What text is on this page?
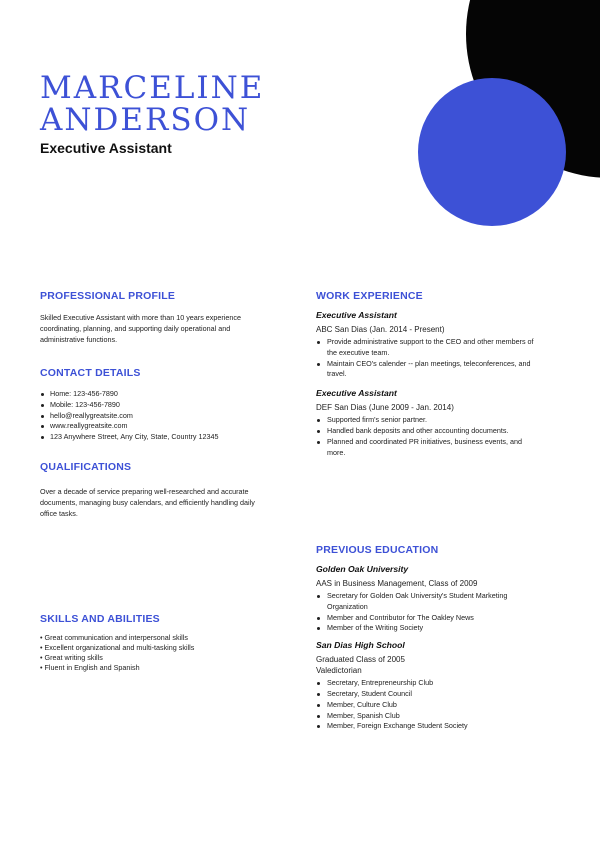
MARCELINE
ANDERSON
Executive Assistant
PROFESSIONAL PROFILE

Skilled Executive Assistant with more than 10 years experience coordinating, planning, and supporting daily operational and administrative functions.

CONTACT DETAILS
Home: 123-456-7890
Mobile: 123-456-7890
hello@reallygreatsite.com
www.reallygreatsite.com
123 Anywhere Street, Any City, State, Country 12345
QUALIFICATIONS

Over a decade of service preparing well-researched and accurate documents, managing busy calendars, and efficiently handling daily office tasks.

SKILLS AND ABILITIES
• Great communication and interpersonal skills
• Excellent organizational and multi-tasking skills
• Great writing skills
• Fluent in English and Spanish
WORK EXPERIENCE
Executive Assistant
ABC San Dias (Jan. 2014 - Present)
Provide administrative support to the CEO and other members of the executive team.
Maintain CEO's calender -- plan meetings, teleconferences, and travel.
Executive Assistant
DEF San Dias (June 2009 - Jan. 2014)
Supported firm's senior partner.
Handled bank deposits and other accounting documents.
Planned and coordinated PR initiatives, business events, and more.
PREVIOUS EDUCATION
Golden Oak University
AAS in Business Management, Class of 2009
Secretary for Golden Oak University's Student Marketing Organization
Member and Contributor for The Oakley News
Member of the Writing Society
San Dias High School
Graduated Class of 2005
Valedictorian
Secretary, Entrepreneurship Club
Secretary, Student Council
Member, Culture Club
Member, Spanish Club
Member, Foreign Exchange Student Society
